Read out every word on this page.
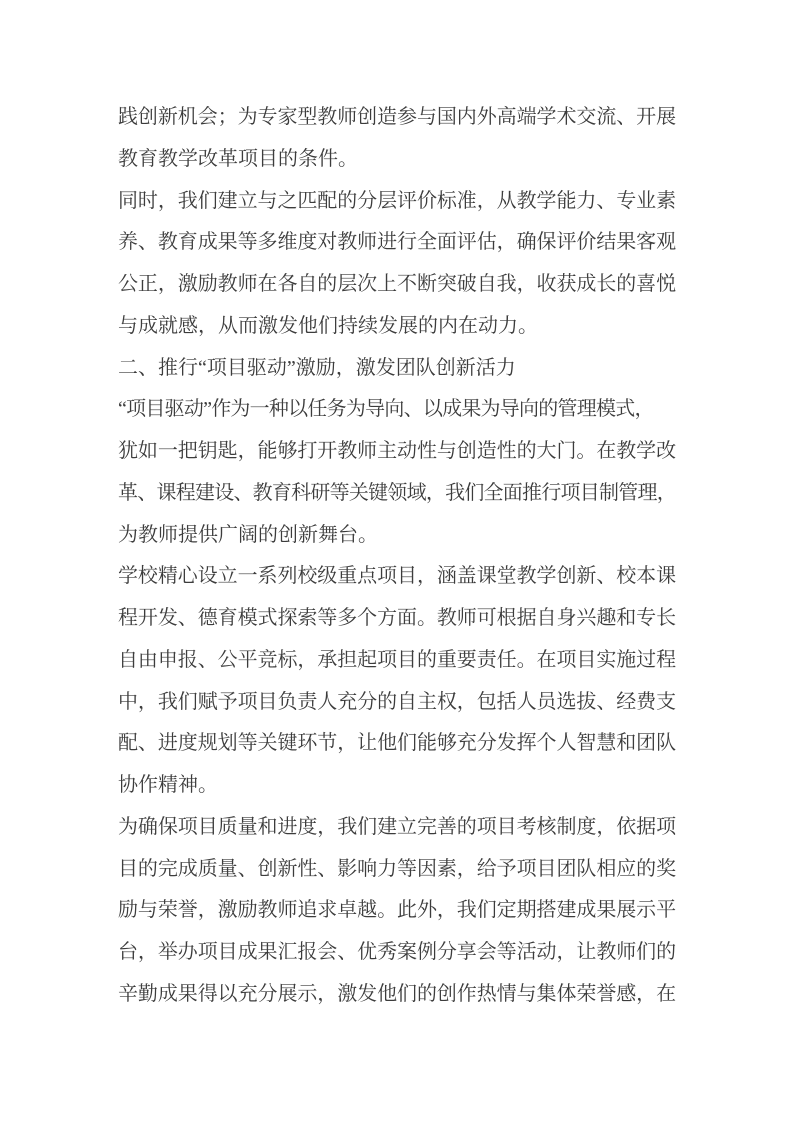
践创新机会；为专家型教师创造参与国内外高端学术交流、开展
教育教学改革项目的条件。
同时，我们建立与之匹配的分层评价标准，从教学能力、专业素
养、教育成果等多维度对教师进行全面评估，确保评价结果客观
公正，激励教师在各自的层次上不断突破自我，收获成长的喜悦
与成就感，从而激发他们持续发展的内在动力。
二、推行“项目驱动”激励，激发团队创新活力
“项目驱动”作为一种以任务为导向、以成果为导向的管理模式，
犹如一把钥匙，能够打开教师主动性与创造性的大门。在教学改
革、课程建设、教育科研等关键领域，我们全面推行项目制管理，
为教师提供广阔的创新舞台。
学校精心设立一系列校级重点项目，涵盖课堂教学创新、校本课
程开发、德育模式探索等多个方面。教师可根据自身兴趣和专长
自由申报、公平竞标，承担起项目的重要责任。在项目实施过程
中，我们赋予项目负责人充分的自主权，包括人员选拔、经费支
配、进度规划等关键环节，让他们能够充分发挥个人智慧和团队
协作精神。
为确保项目质量和进度，我们建立完善的项目考核制度，依据项
目的完成质量、创新性、影响力等因素，给予项目团队相应的奖
励与荣誉，激励教师追求卓越。此外，我们定期搭建成果展示平
台，举办项目成果汇报会、优秀案例分享会等活动，让教师们的
辛勤成果得以充分展示，激发他们的创作热情与集体荣誉感，在
